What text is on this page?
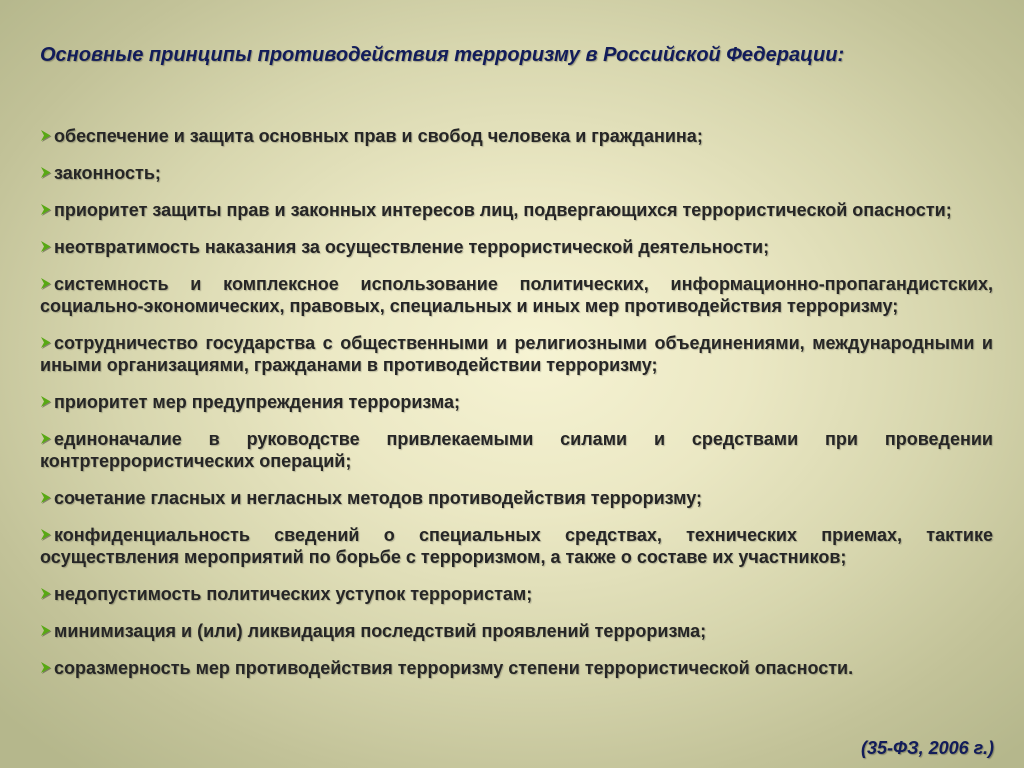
Основные принципы противодействия терроризму в Российской Федерации:
обеспечение и защита основных прав и свобод человека и гражданина;
законность;
приоритет защиты прав и законных интересов лиц, подвергающихся террористической опасности;
неотвратимость наказания за осуществление террористической деятельности;
системность и комплексное использование политических, информационно-пропагандистских, социально-экономических, правовых, специальных и иных мер противодействия терроризму;
сотрудничество государства с общественными и религиозными объединениями, международными и иными организациями, гражданами в противодействии терроризму;
приоритет мер предупреждения терроризма;
единоначалие в руководстве привлекаемыми силами и средствами при проведении контртеррористических операций;
сочетание гласных и негласных методов противодействия терроризму;
конфиденциальность сведений о специальных средствах, технических приемах, тактике осуществления мероприятий по борьбе с терроризмом, а также о составе их участников;
недопустимость политических уступок террористам;
минимизация и (или) ликвидация последствий проявлений терроризма;
соразмерность мер противодействия терроризму степени террористической опасности.

(35-ФЗ, 2006 г.)
